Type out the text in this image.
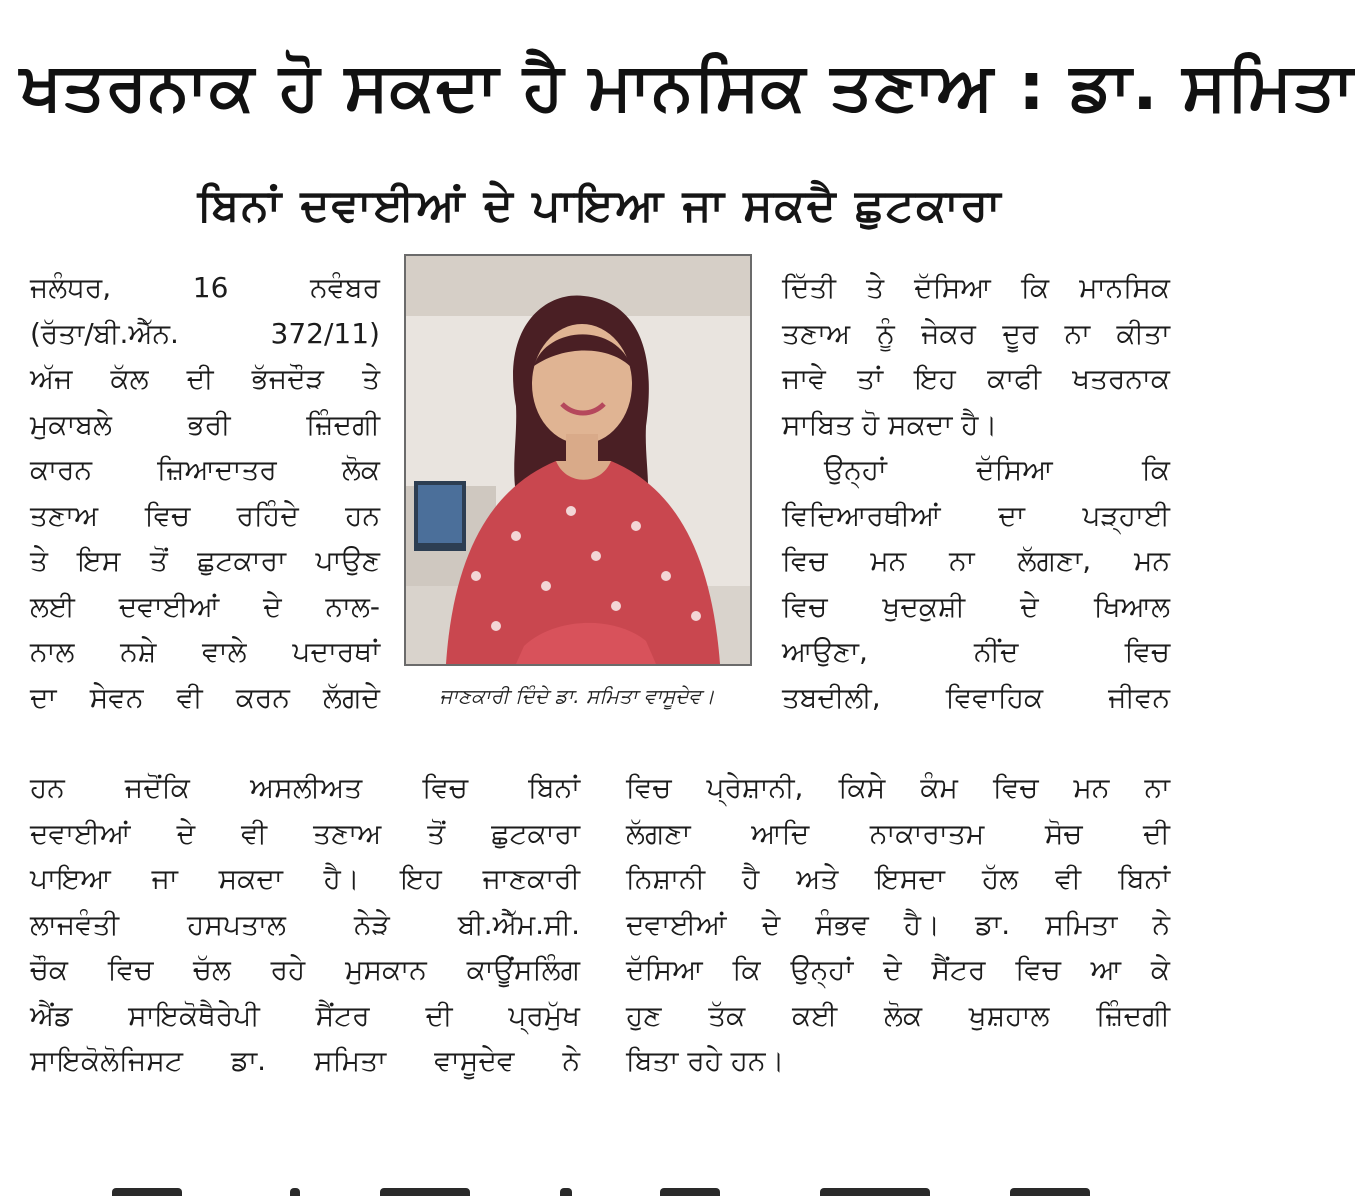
ਖਤਰਨਾਕ ਹੋ ਸਕਦਾ ਹੈ ਮਾਨਸਿਕ ਤਣਾਅ : ਡਾ. ਸਮਿਤਾ
ਬਿਨਾਂ ਦਵਾਈਆਂ ਦੇ ਪਾਇਆ ਜਾ ਸਕਦੈ ਛੁਟਕਾਰਾ
ਜਲੰਧਰ, 16 ਨਵੰਬਰ
(ਰੱਤਾ/ਬੀ.ਐੱਨ. 372/11)
ਅੱਜ ਕੱਲ ਦੀ ਭੱਜਦੌੜ ਤੇ
ਮੁਕਾਬਲੇ ਭਰੀ ਜ਼ਿੰਦਗੀ
ਕਾਰਨ ਜ਼ਿਆਦਾਤਰ ਲੋਕ
ਤਣਾਅ ਵਿਚ ਰਹਿੰਦੇ ਹਨ
ਤੇ ਇਸ ਤੋਂ ਛੁਟਕਾਰਾ ਪਾਉਣ
ਲਈ ਦਵਾਈਆਂ ਦੇ ਨਾਲ-
ਨਾਲ ਨਸ਼ੇ ਵਾਲੇ ਪਦਾਰਥਾਂ
ਦਾ ਸੇਵਨ ਵੀ ਕਰਨ ਲੱਗਦੇ	ਜਾਣਕਾਰੀ ਦਿੰਦੇ ਡਾ. ਸਮਿਤਾ ਵਾਸੂਦੇਵ।
ਦਿੱਤੀ ਤੇ ਦੱਸਿਆ ਕਿ ਮਾਨਸਿਕ
ਤਣਾਅ ਨੂੰ ਜੇਕਰ ਦੂਰ ਨਾ ਕੀਤਾ
ਜਾਵੇ ਤਾਂ ਇਹ ਕਾਫੀ ਖਤਰਨਾਕ
ਸਾਬਿਤ ਹੋ ਸਕਦਾ ਹੈ।
ਉਨ੍ਹਾਂ ਦੱਸਿਆ ਕਿ
ਵਿਦਿਆਰਥੀਆਂ ਦਾ ਪੜ੍ਹਾਈ
ਵਿਚ ਮਨ ਨਾ ਲੱਗਣਾ, ਮਨ
ਵਿਚ ਖੁਦਕੁਸ਼ੀ ਦੇ ਖਿਆਲ
ਆਉਣਾ, ਨੀਂਦ ਵਿਚ
ਤਬਦੀਲੀ, ਵਿਵਾਹਿਕ ਜੀਵਨ
ਹਨ ਜਦੋਂਕਿ ਅਸਲੀਅਤ ਵਿਚ ਬਿਨਾਂ
ਦਵਾਈਆਂ ਦੇ ਵੀ ਤਣਾਅ ਤੋਂ ਛੁਟਕਾਰਾ
ਪਾਇਆ ਜਾ ਸਕਦਾ ਹੈ। ਇਹ ਜਾਣਕਾਰੀ
ਲਾਜਵੰਤੀ ਹਸਪਤਾਲ ਨੇੜੇ ਬੀ.ਐੱਮ.ਸੀ.
ਚੌਕ ਵਿਚ ਚੱਲ ਰਹੇ ਮੁਸਕਾਨ ਕਾਊਂਸਲਿੰਗ
ਐਂਡ ਸਾਇਕੋਥੈਰੇਪੀ ਸੈਂਟਰ ਦੀ ਪ੍ਰਮੁੱਖ
ਸਾਇਕੋਲੋਜਿਸਟ ਡਾ. ਸਮਿਤਾ ਵਾਸੂਦੇਵ ਨੇ
ਵਿਚ ਪ੍ਰੇਸ਼ਾਨੀ, ਕਿਸੇ ਕੰਮ ਵਿਚ ਮਨ ਨਾ
ਲੱਗਣਾ ਆਦਿ ਨਾਕਾਰਾਤਮ ਸੋਚ ਦੀ
ਨਿਸ਼ਾਨੀ ਹੈ ਅਤੇ ਇਸਦਾ ਹੱਲ ਵੀ ਬਿਨਾਂ
ਦਵਾਈਆਂ ਦੇ ਸੰਭਵ ਹੈ। ਡਾ. ਸਮਿਤਾ ਨੇ
ਦੱਸਿਆ ਕਿ ਉਨ੍ਹਾਂ ਦੇ ਸੈਂਟਰ ਵਿਚ ਆ ਕੇ
ਹੁਣ ਤੱਕ ਕਈ ਲੋਕ ਖੁਸ਼ਹਾਲ ਜ਼ਿੰਦਗੀ
ਬਿਤਾ ਰਹੇ ਹਨ।
